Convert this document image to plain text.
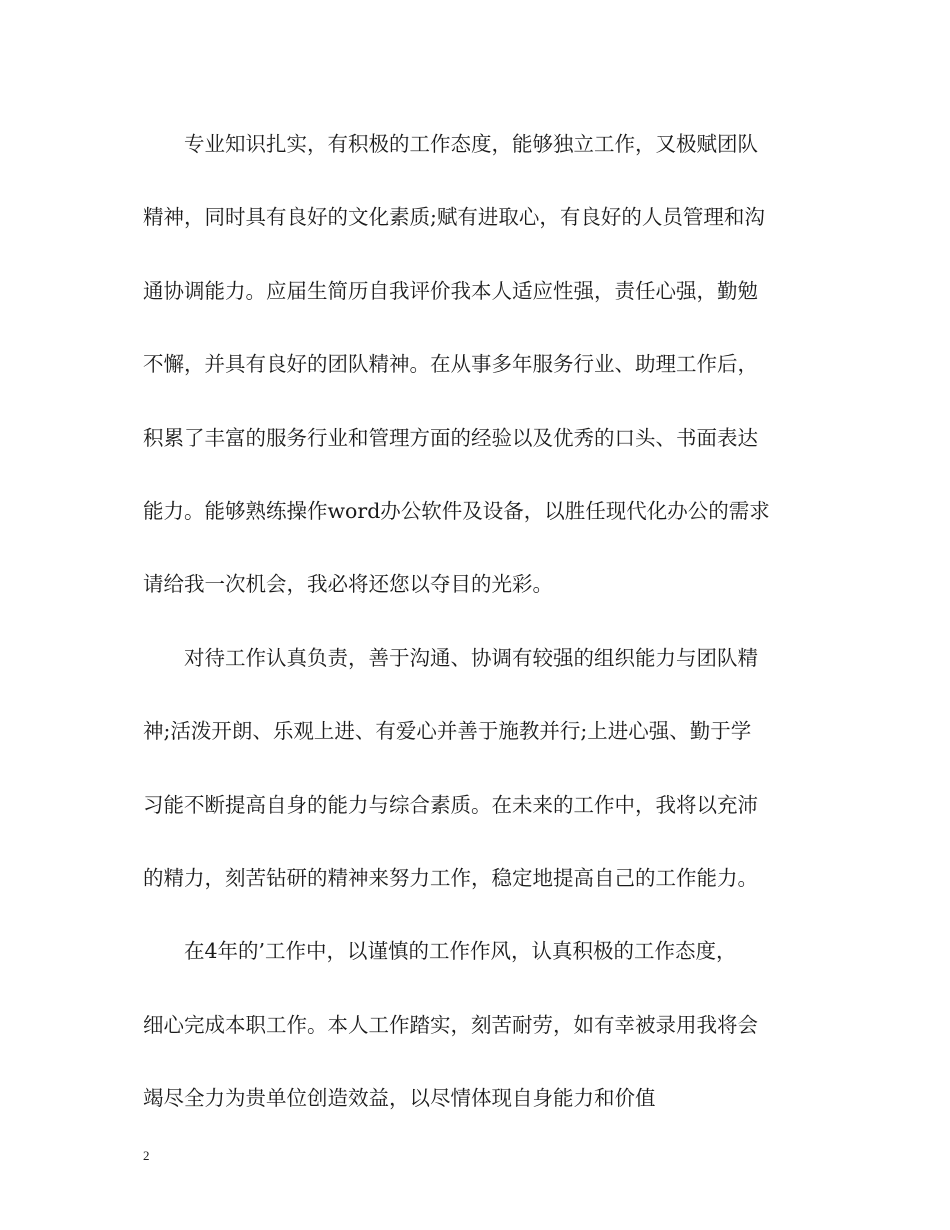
专业知识扎实，有积极的工作态度，能够独立工作，又极赋团队
精神，同时具有良好的文化素质;赋有进取心，有良好的人员管理和沟
通协调能力。应届生简历自我评价我本人适应性强，责任心强，勤勉
不懈，并具有良好的团队精神。在从事多年服务行业、助理工作后，
积累了丰富的服务行业和管理方面的经验以及优秀的口头、书面表达
能力。能够熟练操作word办公软件及设备，以胜任现代化办公的需求
请给我一次机会，我必将还您以夺目的光彩。
对待工作认真负责，善于沟通、协调有较强的组织能力与团队精
神;活泼开朗、乐观上进、有爱心并善于施教并行;上进心强、勤于学
习能不断提高自身的能力与综合素质。在未来的工作中，我将以充沛
的精力，刻苦钻研的精神来努力工作，稳定地提高自己的工作能力。
在4年的’工作中，以谨慎的工作作风，认真积极的工作态度，
细心完成本职工作。本人工作踏实，刻苦耐劳，如有幸被录用我将会
竭尽全力为贵单位创造效益，以尽情体现自身能力和价值
2
